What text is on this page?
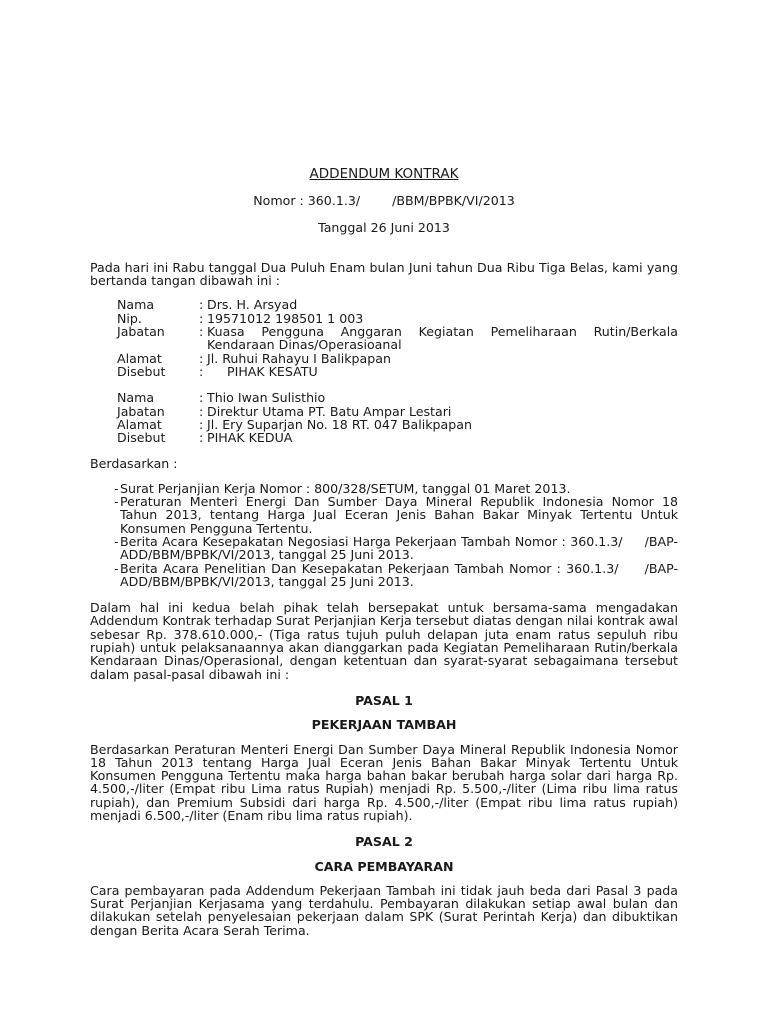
ADDENDUM KONTRAK
Nomor : 360.1.3/        /BBM/BPBK/VI/2013
Tanggal 26 Juni 2013
Pada hari ini Rabu tanggal Dua Puluh Enam bulan Juni tahun Dua Ribu Tiga Belas, kami yang bertanda tangan dibawah ini :
Nama	: Drs. H. Arsyad
Nip.	: 19571012 198501 1 003
Jabatan	: Kuasa Pengguna Anggaran Kegiatan Pemeliharaan Rutin/Berkala Kendaraan Dinas/Operasioanal
Alamat	: Jl. Ruhui Rahayu I Balikpapan
Disebut	: PIHAK KESATU
Nama	: Thio Iwan Sulisthio
Jabatan	: Direktur Utama PT. Batu Ampar Lestari
Alamat	: Jl. Ery Suparjan No. 18 RT. 047 Balikpapan
Disebut	: PIHAK KEDUA
Berdasarkan :
- Surat Perjanjian Kerja Nomor : 800/328/SETUM, tanggal 01 Maret 2013.
- Peraturan Menteri Energi Dan Sumber Daya Mineral Republik Indonesia Nomor 18 Tahun 2013, tentang Harga Jual Eceran Jenis Bahan Bakar Minyak Tertentu Untuk Konsumen Pengguna Tertentu.
- Berita Acara Kesepakatan Negosiasi Harga Pekerjaan Tambah Nomor : 360.1.3/     /BAP-ADD/BBM/BPBK/VI/2013, tanggal 25 Juni 2013.
- Berita Acara Penelitian Dan Kesepakatan Pekerjaan Tambah Nomor : 360.1.3/     /BAP-ADD/BBM/BPBK/VI/2013, tanggal 25 Juni 2013.
Dalam hal ini kedua belah pihak telah bersepakat untuk bersama-sama mengadakan Addendum Kontrak terhadap Surat Perjanjian Kerja tersebut diatas dengan nilai kontrak awal sebesar Rp. 378.610.000,- (Tiga ratus tujuh puluh delapan juta enam ratus sepuluh ribu rupiah) untuk pelaksanaannya akan dianggarkan pada Kegiatan Pemeliharaan Rutin/berkala Kendaraan Dinas/Operasional, dengan ketentuan dan syarat-syarat sebagaimana tersebut dalam pasal-pasal dibawah ini :
PASAL 1
PEKERJAAN TAMBAH
Berdasarkan Peraturan Menteri Energi Dan Sumber Daya Mineral Republik Indonesia Nomor 18 Tahun 2013 tentang Harga Jual Eceran Jenis Bahan Bakar Minyak Tertentu Untuk Konsumen Pengguna Tertentu maka harga bahan bakar berubah harga solar dari harga Rp. 4.500,-/liter (Empat ribu Lima ratus Rupiah) menjadi Rp. 5.500,-/liter (Lima ribu lima ratus rupiah), dan Premium Subsidi dari harga Rp. 4.500,-/liter (Empat ribu lima ratus rupiah) menjadi 6.500,-/liter (Enam ribu lima ratus rupiah).
PASAL 2
CARA PEMBAYARAN
Cara pembayaran pada Addendum Pekerjaan Tambah ini tidak jauh beda dari Pasal 3 pada Surat Perjanjian Kerjasama yang terdahulu. Pembayaran dilakukan setiap awal bulan dan dilakukan setelah penyelesaian pekerjaan dalam SPK (Surat Perintah Kerja) dan dibuktikan dengan Berita Acara Serah Terima.
